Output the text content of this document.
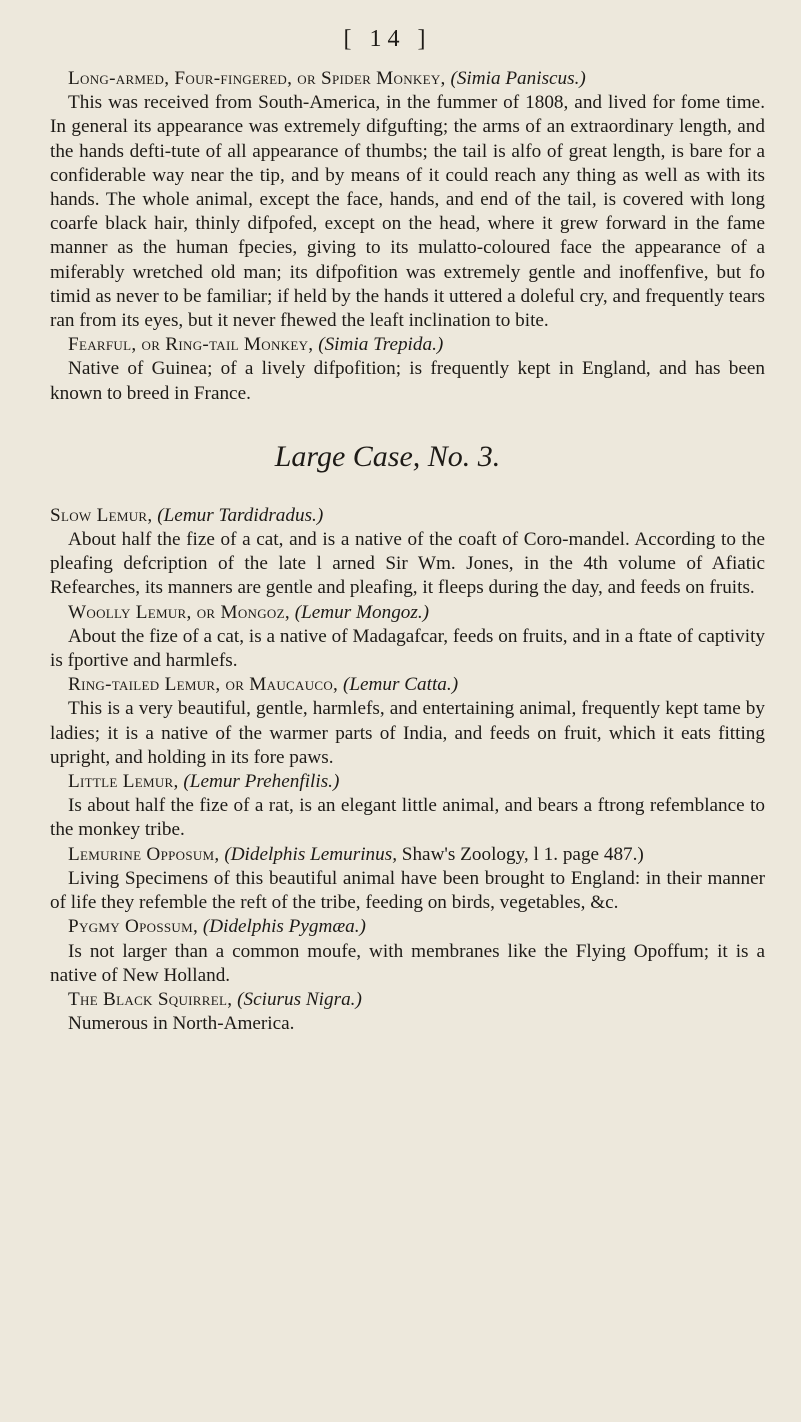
[ 14 ]

Long-armed, Four-fingered, or Spider Monkey, (Simia Paniscus.)

This was received from South-America, in the fummer of 1808, and lived for fome time. In general its appearance was extremely difgufting; the arms of an extraordinary length, and the hands defti-tute of all appearance of thumbs; the tail is alfo of great length, is bare for a confiderable way near the tip, and by means of it could reach any thing as well as with its hands. The whole animal, except the face, hands, and end of the tail, is covered with long coarfe black hair, thinly difpofed, except on the head, where it grew forward in the fame manner as the human fpecies, giving to its mulatto-coloured face the appearance of a miferably wretched old man; its difpofition was extremely gentle and inoffenfive, but fo timid as never to be familiar; if held by the hands it uttered a doleful cry, and frequently tears ran from its eyes, but it never fhewed the leaft inclination to bite.

Fearful, or Ring-tail Monkey, (Simia Trepida.)

Native of Guinea; of a lively difpofition; is frequently kept in England, and has been known to breed in France.

Large Case, No. 3.

Slow Lemur, (Lemur Tardidradus.)

About half the fize of a cat, and is a native of the coaft of Coro-mandel. According to the pleafing defcription of the late l arned Sir Wm. Jones, in the 4th volume of Afiatic Refearches, its manners are gentle and pleafing, it fleeps during the day, and feeds on fruits.

Woolly Lemur, or Mongoz, (Lemur Mongoz.)

About the fize of a cat, is a native of Madagafcar, feeds on fruits, and in a ftate of captivity is fportive and harmlefs.

Ring-tailed Lemur, or Maucauco, (Lemur Catta.)

This is a very beautiful, gentle, harmlefs, and entertaining animal, frequently kept tame by ladies; it is a native of the warmer parts of India, and feeds on fruit, which it eats fitting upright, and holding in its fore paws.

Little Lemur, (Lemur Prehenfilis.)

Is about half the fize of a rat, is an elegant little animal, and bears a ftrong refemblance to the monkey tribe.

Lemurine Opposum, (Didelphis Lemurinus, Shaw's Zoology, l 1. page 487.)

Living Specimens of this beautiful animal have been brought to England: in their manner of life they refemble the reft of the tribe, feeding on birds, vegetables, &c.

Pygmy Opossum, (Didelphis Pygmæa.)

Is not larger than a common moufe, with membranes like the Flying Opoffum; it is a native of New Holland.

The Black Squirrel, (Sciurus Nigra.)

Numerous in North-America.
